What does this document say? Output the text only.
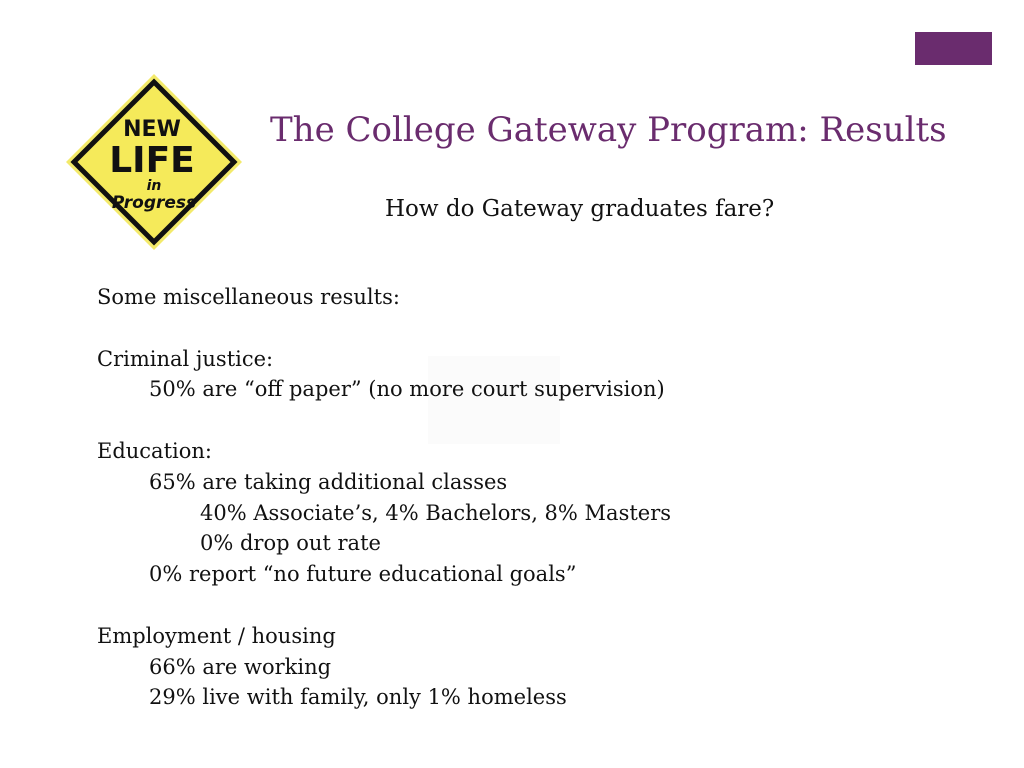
NEW
LIFE
in
Progress
The College Gateway Program: Results
How do Gateway graduates fare?
Some miscellaneous results:
Criminal justice:
50% are “off paper” (no more court supervision)
Education:
65% are taking additional classes
40% Associate’s, 4% Bachelors, 8% Masters
0% drop out rate
0% report “no future educational goals”
Employment / housing
66% are working
29% live with family, only 1% homeless
